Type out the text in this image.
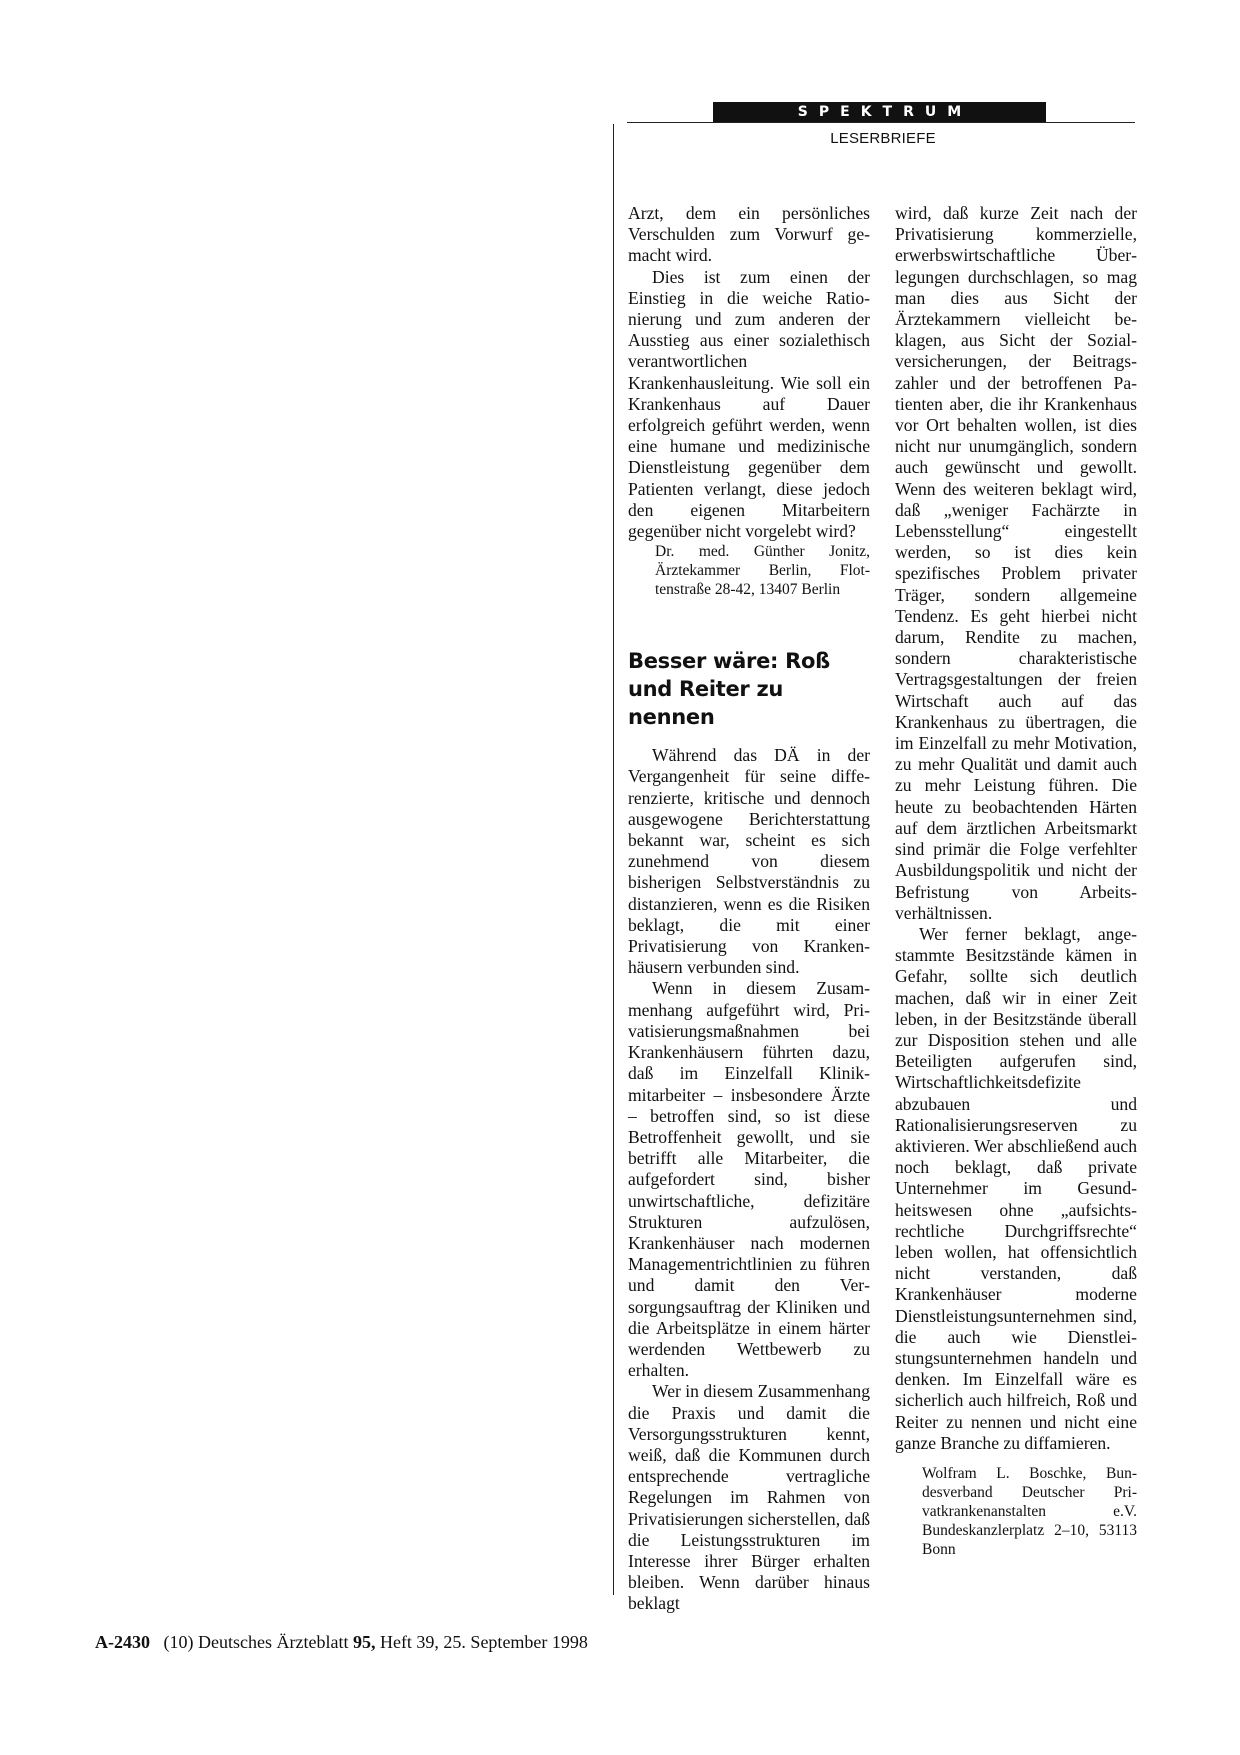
SPEKTRUM
LESERBRIEFE

Arzt, dem ein persönliches Verschulden zum Vorwurf gemacht wird.

Dies ist zum einen der Einstieg in die weiche Rationierung und zum anderen der Ausstieg aus einer sozialethisch verantwortlichen Krankenhausleitung. Wie soll ein Krankenhaus auf Dauer erfolgreich geführt werden, wenn eine humane und medizinische Dienstleistung gegenüber dem Patienten verlangt, diese jedoch den eigenen Mitarbeitern gegenüber nicht vorgelebt wird?

Dr. med. Günther Jonitz, Ärztekammer Berlin, Flottenstraße 28-42, 13407 Berlin

Besser wäre: Roß und Reiter zu nennen

Während das DÄ in der Vergangenheit für seine differenzierte, kritische und dennoch ausgewogene Berichterstattung bekannt war, scheint es sich zunehmend von diesem bisherigen Selbstverständnis zu distanzieren, wenn es die Risiken beklagt, die mit einer Privatisierung von Krankenhäusern verbunden sind.

Wenn in diesem Zusammenhang aufgeführt wird, Privatisierungsmaßnahmen bei Krankenhäusern führten dazu, daß im Einzelfall Klinikmitarbeiter – insbesondere Ärzte – betroffen sind, so ist diese Betroffenheit gewollt, und sie betrifft alle Mitarbeiter, die aufgefordert sind, bisher unwirtschaftliche, defizitäre Strukturen aufzulösen, Krankenhäuser nach modernen Managementrichtlinien zu führen und damit den Versorgungsauftrag der Kliniken und die Arbeitsplätze in einem härter werdenden Wettbewerb zu erhalten.

Wer in diesem Zusammenhang die Praxis und damit die Versorgungsstrukturen kennt, weiß, daß die Kommunen durch entsprechende vertragliche Regelungen im Rahmen von Privatisierungen sicherstellen, daß die Leistungsstrukturen im Interesse ihrer Bürger erhalten bleiben. Wenn darüber hinaus beklagt

wird, daß kurze Zeit nach der Privatisierung kommerzielle, erwerbswirtschaftliche Überlegungen durchschlagen, so mag man dies aus Sicht der Ärztekammern vielleicht beklagen, aus Sicht der Sozialversicherungen, der Beitragszahler und der betroffenen Patienten aber, die ihr Krankenhaus vor Ort behalten wollen, ist dies nicht nur unumgänglich, sondern auch gewünscht und gewollt. Wenn des weiteren beklagt wird, daß „weniger Fachärzte in Lebensstellung“ eingestellt werden, so ist dies kein spezifisches Problem privater Träger, sondern allgemeine Tendenz. Es geht hierbei nicht darum, Rendite zu machen, sondern charakteristische Vertragsgestaltungen der freien Wirtschaft auch auf das Krankenhaus zu übertragen, die im Einzelfall zu mehr Motivation, zu mehr Qualität und damit auch zu mehr Leistung führen. Die heute zu beobachtenden Härten auf dem ärztlichen Arbeitsmarkt sind primär die Folge verfehlter Ausbildungspolitik und nicht der Befristung von Arbeitsverhältnissen.

Wer ferner beklagt, angestammte Besitzstände kämen in Gefahr, sollte sich deutlich machen, daß wir in einer Zeit leben, in der Besitzstände überall zur Disposition stehen und alle Beteiligten aufgerufen sind, Wirtschaftlichkeitsdefizite abzubauen und Rationalisierungsreserven zu aktivieren. Wer abschließend auch noch beklagt, daß private Unternehmer im Gesundheitswesen ohne „aufsichtsrechtliche Durchgriffsrechte“ leben wollen, hat offensichtlich nicht verstanden, daß Krankenhäuser moderne Dienstleistungsunternehmen sind, die auch wie Dienstleistungsunternehmen handeln und denken. Im Einzelfall wäre es sicherlich auch hilfreich, Roß und Reiter zu nennen und nicht eine ganze Branche zu diffamieren.

Wolfram L. Boschke, Bundesverband Deutscher Privatkrankenanstalten e.V. Bundeskanzlerplatz 2–10, 53113 Bonn

A-2430 (10) Deutsches Ärzteblatt 95, Heft 39, 25. September 1998
